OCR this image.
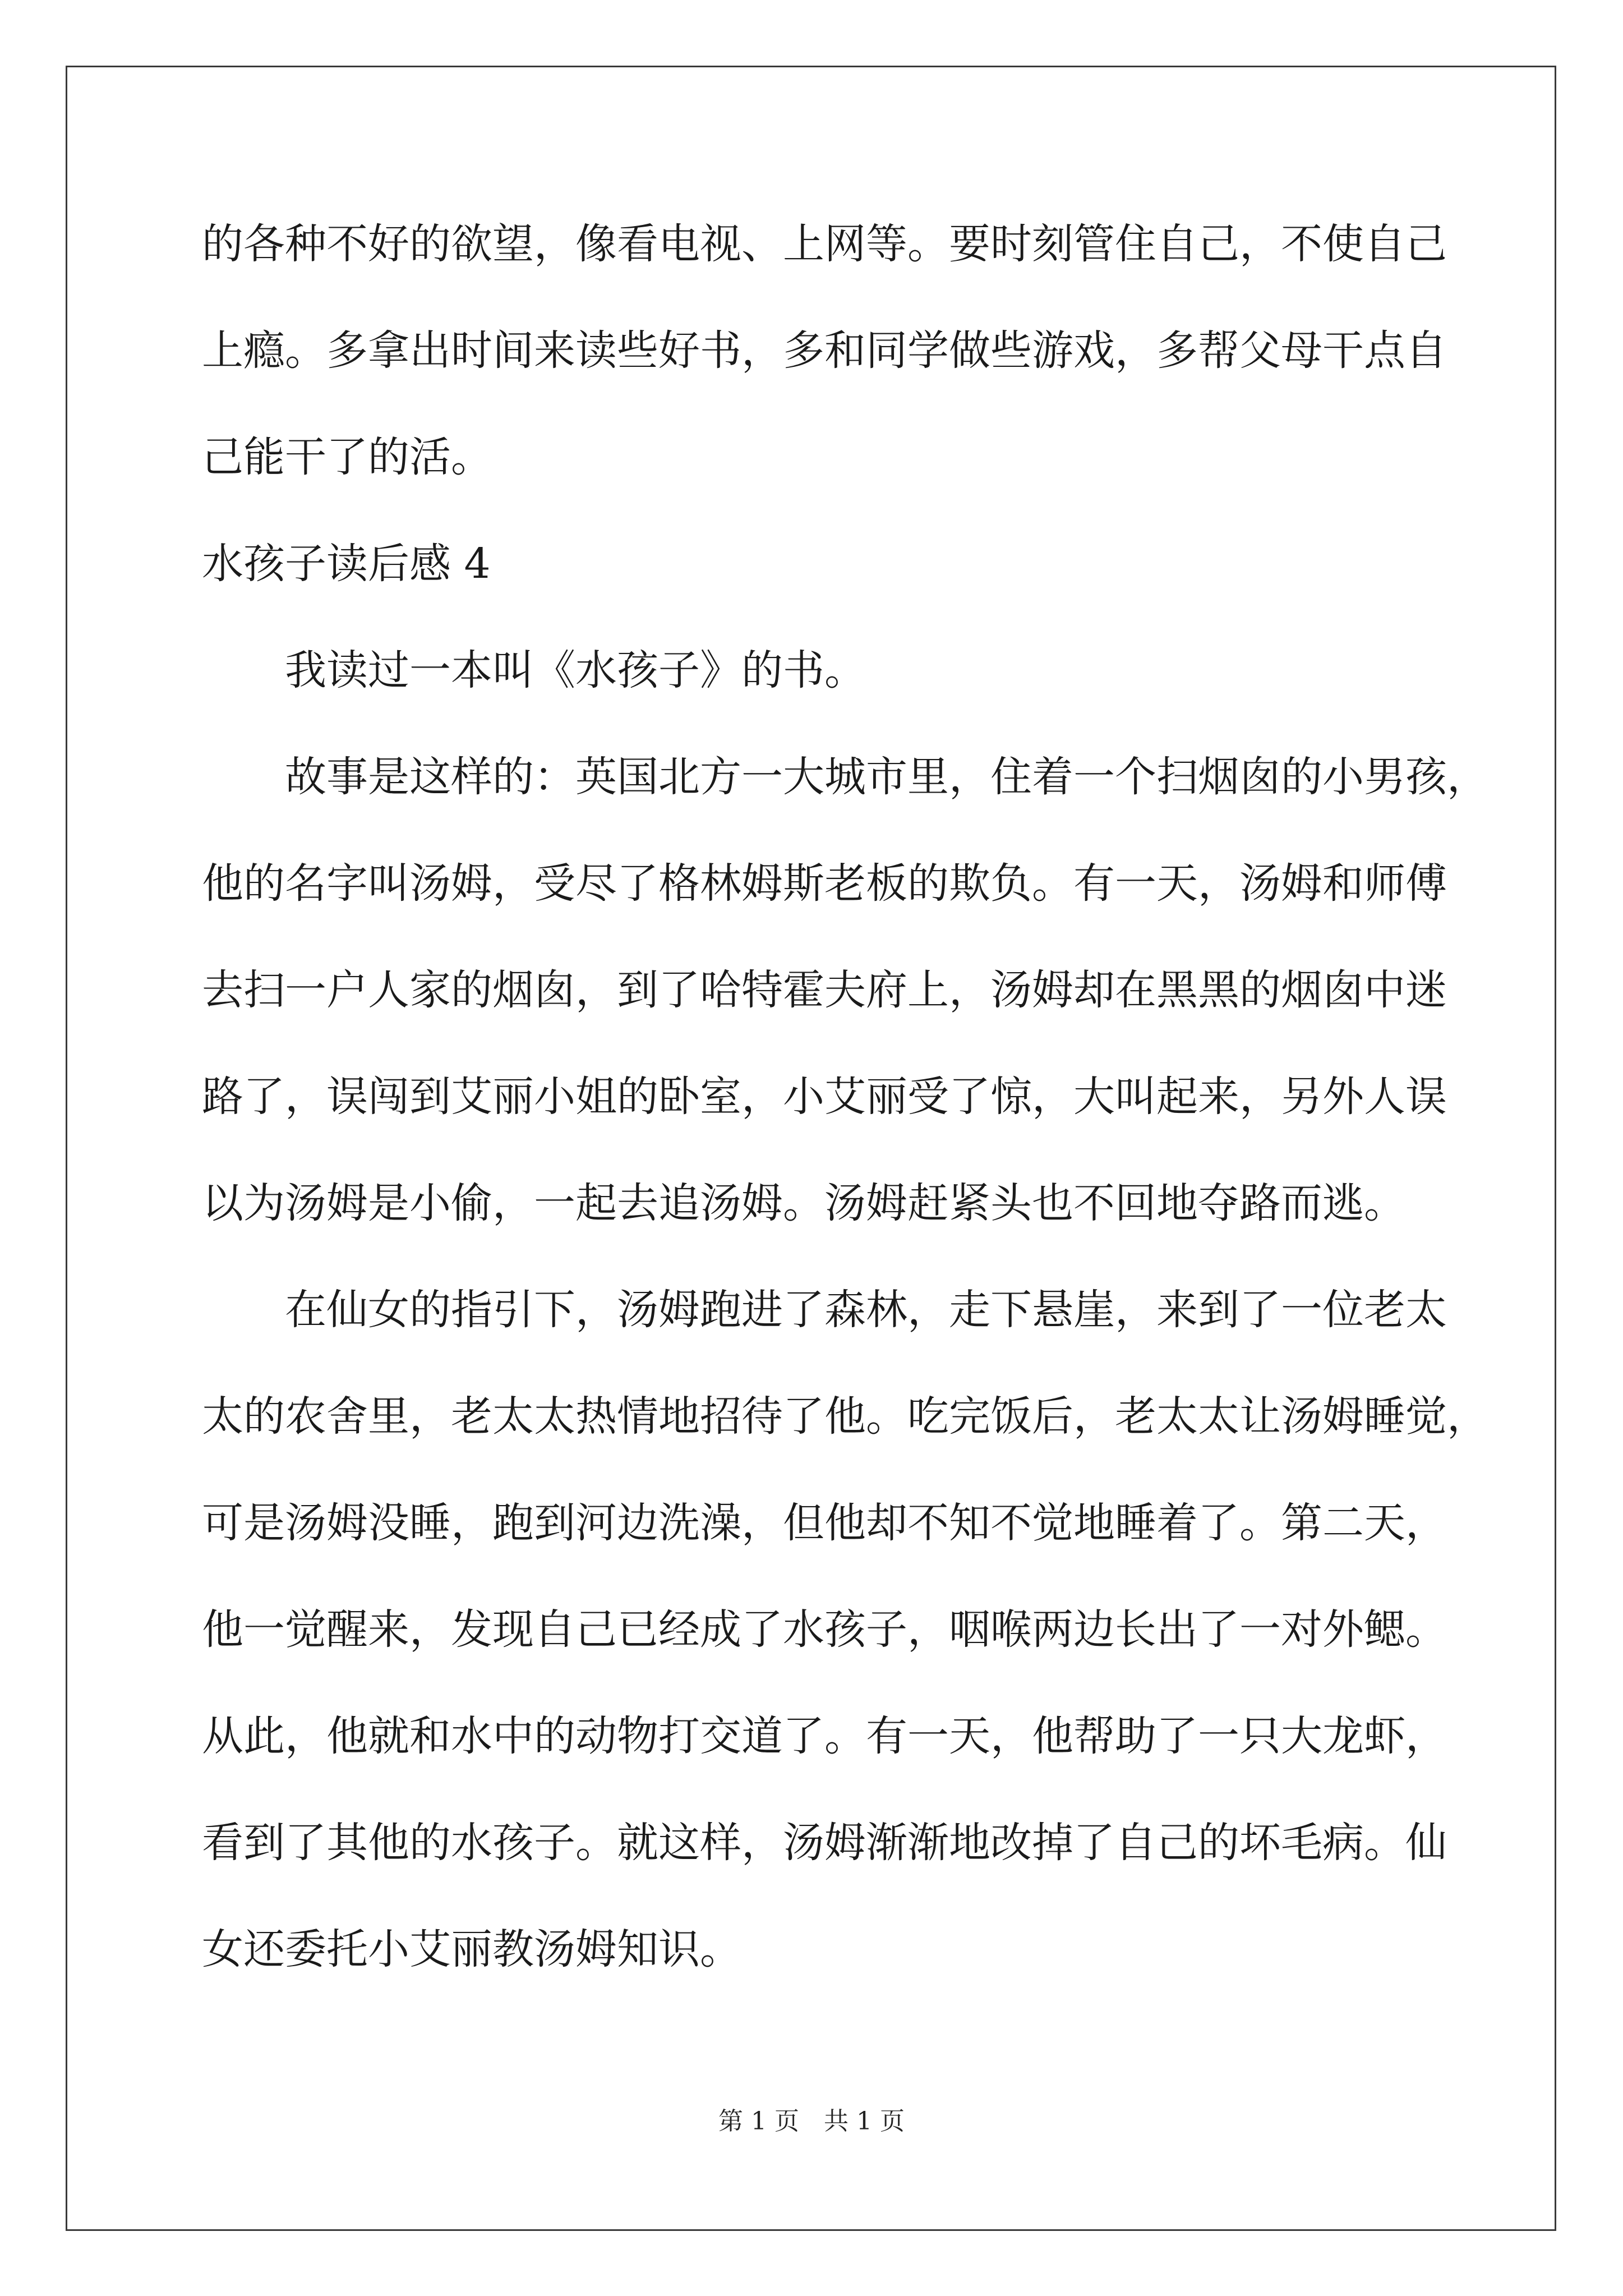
的各种不好的欲望，像看电视、上网等。要时刻管住自己，不使自己
上瘾。多拿出时间来读些好书，多和同学做些游戏，多帮父母干点自
己能干了的活。
水孩子读后感 4
我读过一本叫《水孩子》的书。
故事是这样的：英国北方一大城市里，住着一个扫烟囱的小男孩，
他的名字叫汤姆，受尽了格林姆斯老板的欺负。有一天，汤姆和师傅
去扫一户人家的烟囱，到了哈特霍夫府上，汤姆却在黑黑的烟囱中迷
路了，误闯到艾丽小姐的卧室，小艾丽受了惊，大叫起来，另外人误
以为汤姆是小偷，一起去追汤姆。汤姆赶紧头也不回地夺路而逃。
在仙女的指引下，汤姆跑进了森林，走下悬崖，来到了一位老太
太的农舍里，老太太热情地招待了他。吃完饭后，老太太让汤姆睡觉，
可是汤姆没睡，跑到河边洗澡，但他却不知不觉地睡着了。第二天，
他一觉醒来，发现自己已经成了水孩子，咽喉两边长出了一对外鳃。
从此，他就和水中的动物打交道了。有一天，他帮助了一只大龙虾，
看到了其他的水孩子。就这样，汤姆渐渐地改掉了自己的坏毛病。仙
女还委托小艾丽教汤姆知识。
第 1 页　共 1 页
